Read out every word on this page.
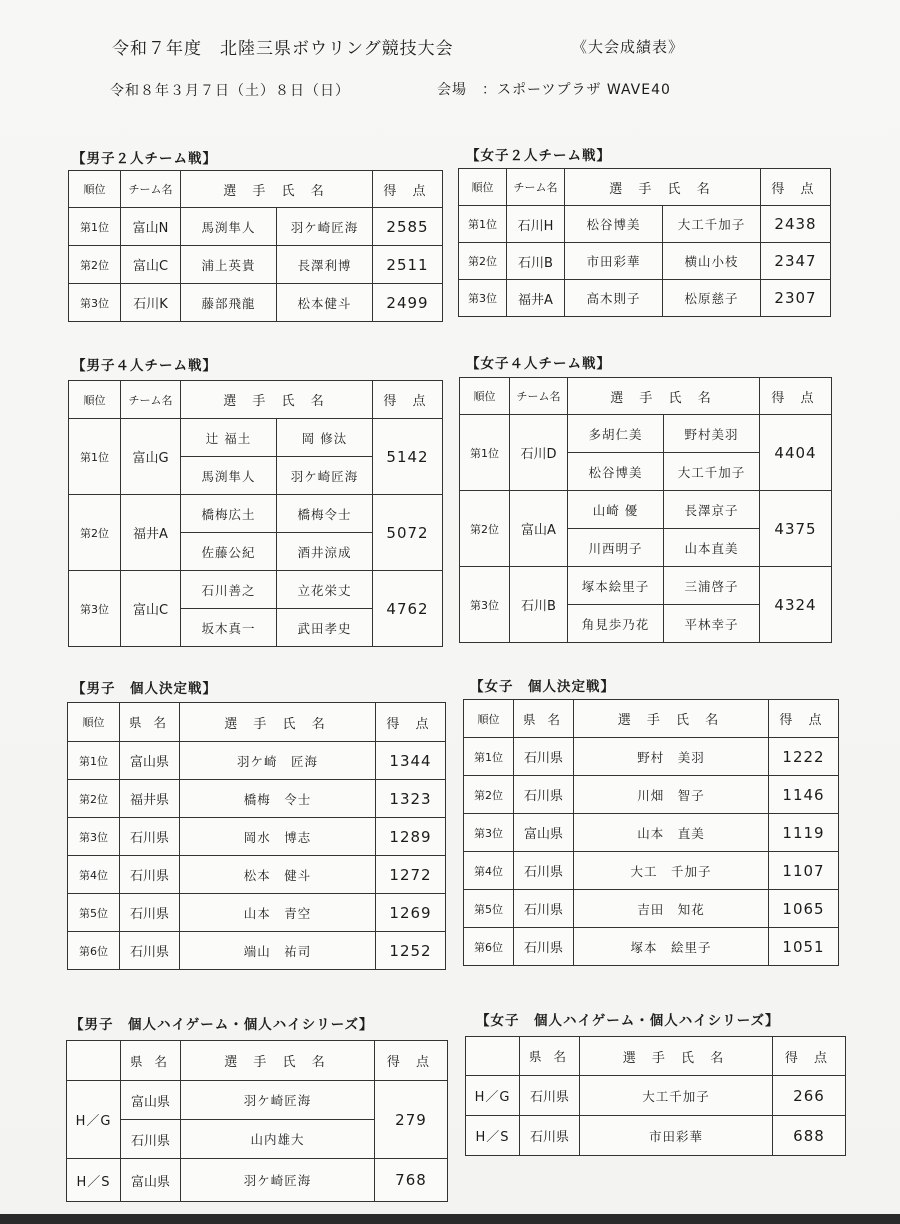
令和７年度　北陸三県ボウリング競技大会	《大会成績表》
令和８年３月７日（土）８日（日）	会場　：スポーツプラザ WAVE40
【男子２人チーム戦】
順位	チーム名	選 手 氏 名		得 点
第1位	富山N	馬渕隼人	羽ケ崎匠海	2585
第2位	富山C	浦上英貴	長澤利博	2511
第3位	石川K	藤部飛龍	松本健斗	2499
【女子２人チーム戦】
順位	チーム名	選 手 氏 名		得 点
第1位	石川H	松谷博美	大工千加子	2438
第2位	石川B	市田彩華	横山小枝	2347
第3位	福井A	高木則子	松原慈子	2307
【男子４人チーム戦】
順位	チーム名	選 手 氏 名		得 点
第1位	富山G	辻 福土	岡 修汰	5142
		馬渕隼人	羽ケ崎匠海	
第2位	福井A	橋梅広土	橋梅令士	5072
		佐藤公紀	酒井涼成	
第3位	富山C	石川善之	立花栄丈	4762
		坂木真一	武田孝史	
【女子４人チーム戦】
順位	チーム名	選 手 氏 名		得 点
第1位	石川D	多胡仁美	野村美羽	4404
		松谷博美	大工千加子	
第2位	富山A	山崎 優	長澤京子	4375
		川西明子	山本直美	
第3位	石川B	塚本絵里子	三浦啓子	4324
		角見歩乃花	平林幸子	
【男子　個人決定戦】
順位	県 名	選 手 氏 名	得 点
第1位	富山県	羽ケ崎　匠海	1344
第2位	福井県	橋梅　令士	1323
第3位	石川県	岡水　博志	1289
第4位	石川県	松本　健斗	1272
第5位	石川県	山本　青空	1269
第6位	石川県	端山　祐司	1252
【女子　個人決定戦】
順位	県 名	選 手 氏 名	得 点
第1位	石川県	野村　美羽	1222
第2位	石川県	川畑　智子	1146
第3位	富山県	山本　直美	1119
第4位	石川県	大工　千加子	1107
第5位	石川県	吉田　知花	1065
第6位	石川県	塚本　絵里子	1051
【男子　個人ハイゲーム・個人ハイシリーズ】
	県 名	選 手 氏 名	得 点
H／G	富山県	羽ケ崎匠海	279
	石川県	山内雄大	
H／S	富山県	羽ケ崎匠海	768
【女子　個人ハイゲーム・個人ハイシリーズ】
	県 名	選 手 氏 名	得 点
H／G	石川県	大工千加子	266
H／S	石川県	市田彩華	688
